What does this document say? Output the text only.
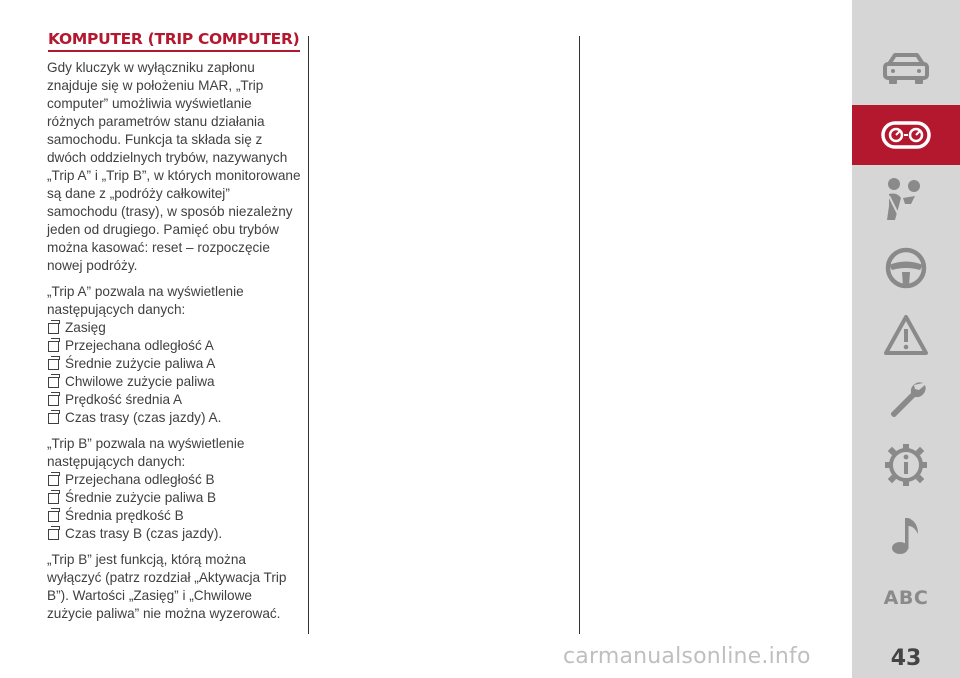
KOMPUTER (TRIP COMPUTER)

Gdy kluczyk w wyłączniku zapłonu znajduje się w położeniu MAR, „Trip computer” umożliwia wyświetlanie różnych parametrów stanu działania samochodu. Funkcja ta składa się z dwóch oddzielnych trybów, nazywanych „Trip A” i „Trip B”, w których monitorowane są dane z „podróży całkowitej” samochodu (trasy), w sposób niezależny jeden od drugiego. Pamięć obu trybów można kasować: reset – rozpoczęcie nowej podróży.

„Trip A” pozwala na wyświetlenie następujących danych:
Zasięg
Przejechana odległość A
Średnie zużycie paliwa A
Chwilowe zużycie paliwa
Prędkość średnia A
Czas trasy (czas jazdy) A.
„Trip B” pozwala na wyświetlenie następujących danych:
Przejechana odległość B
Średnie zużycie paliwa B
Średnia prędkość B
Czas trasy B (czas jazdy).

„Trip B” jest funkcją, którą można wyłączyć (patrz rozdział „Aktywacja Trip B”). Wartości „Zasięg” i „Chwilowe zużycie paliwa” nie można wyzerować.

carmanualsonline.info
ABC
43
